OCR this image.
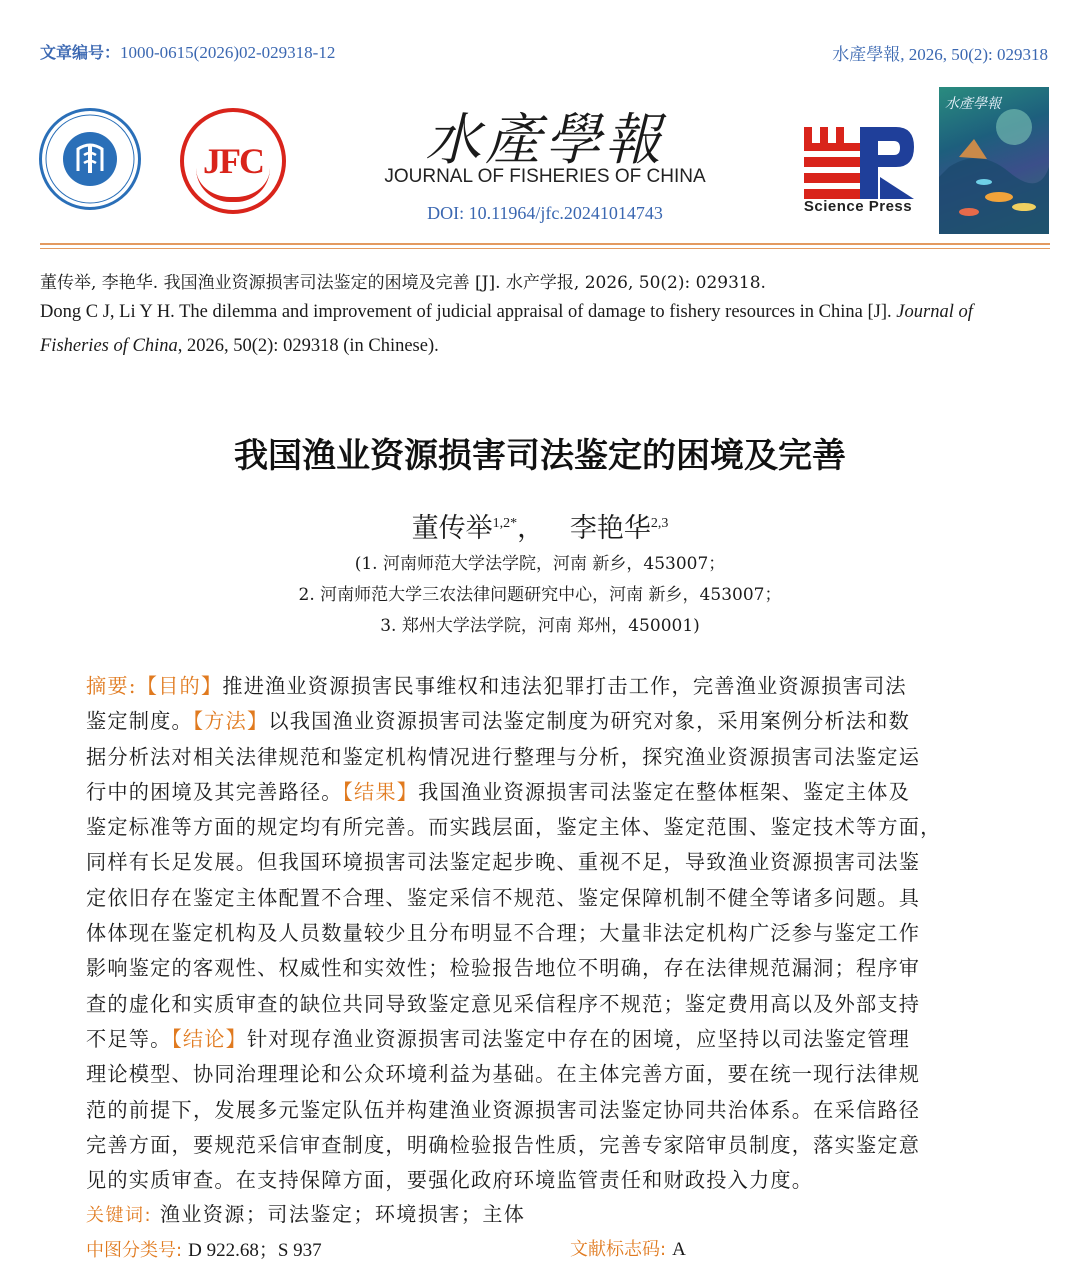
文章编号：1000-0615(2026)02-029318-12	水產學報, 2026, 50(2): 029318
JFC	水產學報
JOURNAL OF FISHERIES OF CHINA
DOI: 10.11964/jfc.20241014743	Science Press
水產學報
董传举, 李艳华. 我国渔业资源损害司法鉴定的困境及完善 [J]. 水产学报, 2026, 50(2): 029318.
Dong C J, Li Y H. The dilemma and improvement of judicial appraisal of damage to fishery resources in China [J]. Journal of
Fisheries of China, 2026, 50(2): 029318 (in Chinese).
我国渔业资源损害司法鉴定的困境及完善
董传举$^{1,2*}$， 李艳华$^{2,3}$
(1. 河南师范大学法学院，河南 新乡，453007；
2. 河南师范大学三农法律问题研究中心，河南 新乡，453007；
3. 郑州大学法学院，河南 郑州，450001)
摘要:【目的】推进渔业资源损害民事维权和违法犯罪打击工作，完善渔业资源损害司法
鉴定制度。【方法】以我国渔业资源损害司法鉴定制度为研究对象，采用案例分析法和数
据分析法对相关法律规范和鉴定机构情况进行整理与分析，探究渔业资源损害司法鉴定运
行中的困境及其完善路径。【结果】我国渔业资源损害司法鉴定在整体框架、鉴定主体及
鉴定标准等方面的规定均有所完善。而实践层面，鉴定主体、鉴定范围、鉴定技术等方面，
同样有长足发展。但我国环境损害司法鉴定起步晚、重视不足，导致渔业资源损害司法鉴
定依旧存在鉴定主体配置不合理、鉴定采信不规范、鉴定保障机制不健全等诸多问题。具
体体现在鉴定机构及人员数量较少且分布明显不合理；大量非法定机构广泛参与鉴定工作
影响鉴定的客观性、权威性和实效性；检验报告地位不明确，存在法律规范漏洞；程序审
查的虚化和实质审查的缺位共同导致鉴定意见采信程序不规范；鉴定费用高以及外部支持
不足等。【结论】针对现存渔业资源损害司法鉴定中存在的困境，应坚持以司法鉴定管理
理论模型、协同治理理论和公众环境利益为基础。在主体完善方面，要在统一现行法律规
范的前提下，发展多元鉴定队伍并构建渔业资源损害司法鉴定协同共治体系。在采信路径
完善方面，要规范采信审查制度，明确检验报告性质，完善专家陪审员制度，落实鉴定意
见的实质审查。在支持保障方面，要强化政府环境监管责任和财政投入力度。
关键词: 渔业资源；司法鉴定；环境损害；主体
中图分类号: D 922.68；S 937	文献标志码: A
